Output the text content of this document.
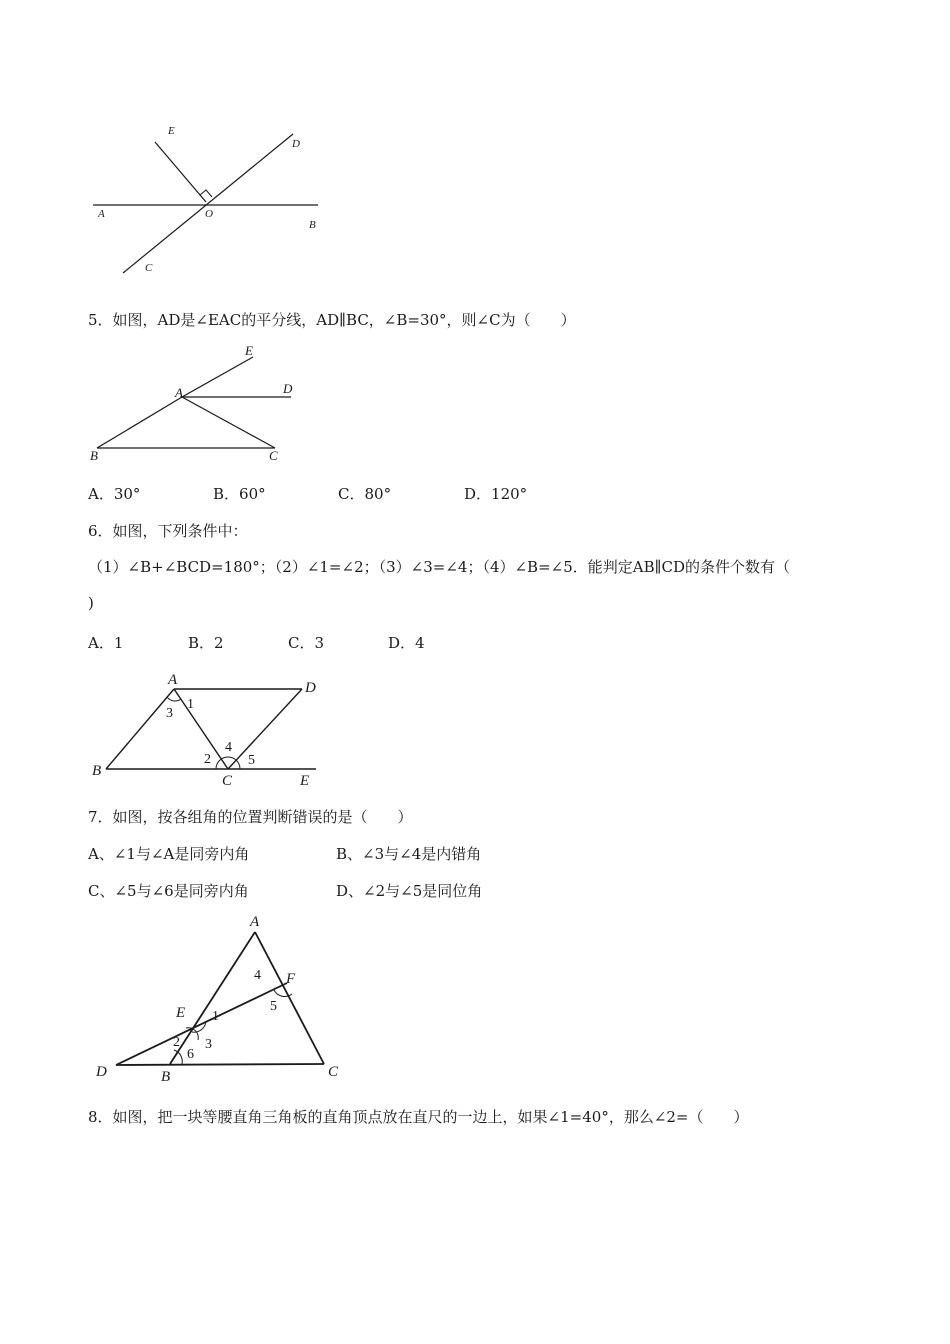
E
D
A	O
B
C
5．如图，AD是∠EAC的平分线，AD∥BC，∠B=30°，则∠C为（　　）
E
D
A
B	C
A．30°	B．60°	C．80°	D．120°
6．如图，下列条件中：
（1）∠B+∠BCD=180°；（2）∠1=∠2；（3）∠3=∠4；（4）∠B=∠5．能判定AB∥CD的条件个数有（
)
A．1	B．2	C．3	D．4
A	D
B
C	E
1
2
3
4
5
7．如图，按各组角的位置判断错误的是（　　）
A、∠1与∠A是同旁内角	B、∠3与∠4是内错角
C、∠5与∠6是同旁内角	D、∠2与∠5是同位角
A
F
E
D	B	C
1
2 3
4
5
6
8．如图，把一块等腰直角三角板的直角顶点放在直尺的一边上，如果∠1=40°，那么∠2=（　　）
